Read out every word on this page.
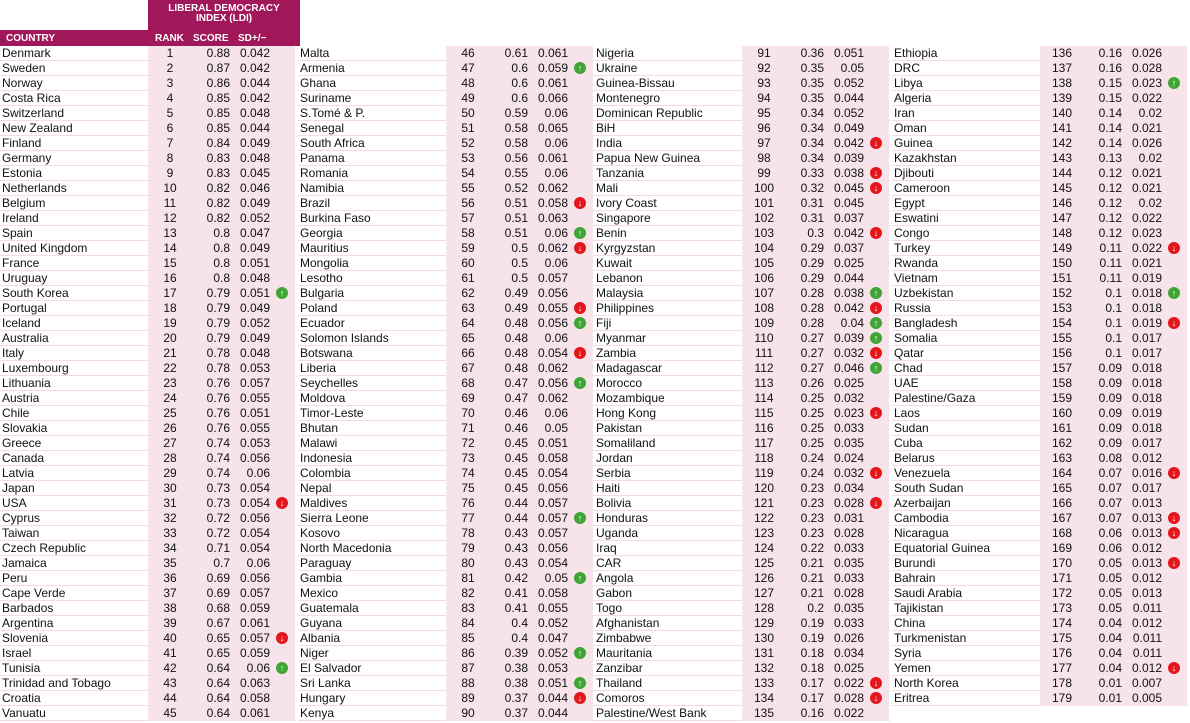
LIBERAL DEMOCRACY
INDEX (LDI)
COUNTRY	RANK SCORE SD+/−
Denmark	1	0.88 0.042
Sweden	2	0.87 0.042
Norway	3	0.86 0.044
Costa Rica	4	0.85 0.042
Switzerland	5	0.85 0.048
New Zealand	6	0.85 0.044
Finland	7	0.84 0.049
Germany	8	0.83 0.048
Estonia	9	0.83 0.045
Netherlands	10	0.82 0.046
Belgium	11	0.82 0.049
Ireland	12	0.82 0.052
Spain	13	0.8 0.047
United Kingdom	14	0.8 0.049
France	15	0.8 0.051
Uruguay	16	0.8 0.048
South Korea	17	0.79 0.051	↑
Portugal	18	0.79 0.049
Iceland	19	0.79 0.052
Australia	20	0.79 0.049
Italy	21	0.78 0.048
Luxembourg	22	0.78 0.053
Lithuania	23	0.76 0.057
Austria	24	0.76 0.055
Chile	25	0.76 0.051
Slovakia	26	0.76 0.055
Greece	27	0.74 0.053
Canada	28	0.74 0.056
Latvia	29	0.74	0.06
Japan	30	0.73 0.054
USA	31	0.73 0.054	↓
Cyprus	32	0.72 0.056
Taiwan	33	0.72 0.054
Czech Republic	34	0.71 0.054
Jamaica	35	0.7	0.06
Peru	36	0.69 0.056
Cape Verde	37	0.69 0.057
Barbados	38	0.68 0.059
Argentina	39	0.67 0.061
Slovenia	40	0.65 0.057	↓
Israel	41	0.65 0.059
Tunisia	42	0.64	0.06	↑
Trinidad and Tobago	43	0.64 0.063
Croatia	44	0.64 0.058
Vanuatu	45	0.64 0.061
Malta	46	0.61 0.061
Armenia	47	0.6 0.059	↑
Ghana	48	0.6 0.061
Suriname	49	0.6 0.066
S.Tomé & P.	50	0.59	0.06
Senegal	51	0.58 0.065
South Africa	52	0.58	0.06
Panama	53	0.56 0.061
Romania	54	0.55	0.06
Namibia	55	0.52 0.062
Brazil	56	0.51 0.058	↓
Burkina Faso	57	0.51 0.063
Georgia	58	0.51	0.06	↑
Mauritius	59	0.5 0.062	↓
Mongolia	60	0.5	0.06
Lesotho	61	0.5 0.057
Bulgaria	62	0.49 0.056
Poland	63	0.49 0.055	↓
Ecuador	64	0.48 0.056	↑
Solomon Islands	65	0.48	0.06
Botswana	66	0.48 0.054	↓
Liberia	67	0.48 0.062
Seychelles	68	0.47 0.056	↑
Moldova	69	0.47 0.062
Timor-Leste	70	0.46	0.06
Bhutan	71	0.46	0.05
Malawi	72	0.45 0.051
Indonesia	73	0.45 0.058
Colombia	74	0.45 0.054
Nepal	75	0.45 0.056
Maldives	76	0.44 0.057
Sierra Leone	77	0.44 0.057	↑
Kosovo	78	0.43 0.057
North Macedonia	79	0.43 0.056
Paraguay	80	0.43 0.054
Gambia	81	0.42	0.05	↑
Mexico	82	0.41 0.058
Guatemala	83	0.41 0.055
Guyana	84	0.4 0.052
Albania	85	0.4 0.047
Niger	86	0.39 0.052	↑
El Salvador	87	0.38 0.053
Sri Lanka	88	0.38 0.051	↑
Hungary	89	0.37 0.044	↓
Kenya	90	0.37 0.044
Nigeria	91	0.36 0.051
Ukraine	92	0.35	0.05
Guinea-Bissau	93	0.35 0.052
Montenegro	94	0.35 0.044
Dominican Republic	95	0.34 0.052
BiH	96	0.34 0.049
India	97	0.34 0.042	↓
Papua New Guinea	98	0.34 0.039
Tanzania	99	0.33 0.038	↓
Mali	100	0.32 0.045	↓
Ivory Coast	101	0.31 0.045
Singapore	102	0.31 0.037
Benin	103	0.3 0.042	↓
Kyrgyzstan	104	0.29 0.037
Kuwait	105	0.29 0.025
Lebanon	106	0.29 0.044
Malaysia	107	0.28 0.038	↑
Philippines	108	0.28 0.042	↓
Fiji	109	0.28	0.04	↑
Myanmar	110	0.27 0.039	↑
Zambia	111	0.27 0.032	↓
Madagascar	112	0.27 0.046	↑
Morocco	113	0.26 0.025
Mozambique	114	0.25 0.032
Hong Kong	115	0.25 0.023	↓
Pakistan	116	0.25 0.033
Somaliland	117	0.25 0.035
Jordan	118	0.24 0.024
Serbia	119	0.24 0.032	↓
Haiti	120	0.23 0.034
Bolivia	121	0.23 0.028	↓
Honduras	122	0.23 0.031
Uganda	123	0.23 0.028
Iraq	124	0.22 0.033
CAR	125	0.21 0.035
Angola	126	0.21 0.033
Gabon	127	0.21 0.028
Togo	128	0.2 0.035
Afghanistan	129	0.19 0.033
Zimbabwe	130	0.19 0.026
Mauritania	131	0.18 0.034
Zanzibar	132	0.18 0.025
Thailand	133	0.17 0.022	↓
Comoros	134	0.17 0.028	↓
Palestine/West Bank	135	0.16 0.022
Ethiopia	136	0.16 0.026
DRC	137	0.16 0.028
Libya	138	0.15 0.023	↑
Algeria	139	0.15 0.022
Iran	140	0.14	0.02
Oman	141	0.14 0.021
Guinea	142	0.14 0.026
Kazakhstan	143	0.13	0.02
Djibouti	144	0.12 0.021
Cameroon	145	0.12 0.021
Egypt	146	0.12	0.02
Eswatini	147	0.12 0.022
Congo	148	0.12 0.023
Turkey	149	0.11 0.022	↓
Rwanda	150	0.11 0.021
Vietnam	151	0.11 0.019
Uzbekistan	152	0.1 0.018	↑
Russia	153	0.1 0.018
Bangladesh	154	0.1 0.019	↓
Somalia	155	0.1 0.017
Qatar	156	0.1 0.017
Chad	157	0.09 0.018
UAE	158	0.09 0.018
Palestine/Gaza	159	0.09 0.018
Laos	160	0.09 0.019
Sudan	161	0.09 0.018
Cuba	162	0.09 0.017
Belarus	163	0.08 0.012
Venezuela	164	0.07 0.016	↓
South Sudan	165	0.07 0.017
Azerbaijan	166	0.07 0.013
Cambodia	167	0.07 0.013	↓
Nicaragua	168	0.06 0.013	↓
Equatorial Guinea	169	0.06 0.012
Burundi	170	0.05 0.013	↓
Bahrain	171	0.05 0.012
Saudi Arabia	172	0.05 0.013
Tajikistan	173	0.05 0.011
China	174	0.04 0.012
Turkmenistan	175	0.04 0.011
Syria	176	0.04 0.011
Yemen	177	0.04 0.012	↓
North Korea	178	0.01 0.007
Eritrea	179	0.01 0.005
